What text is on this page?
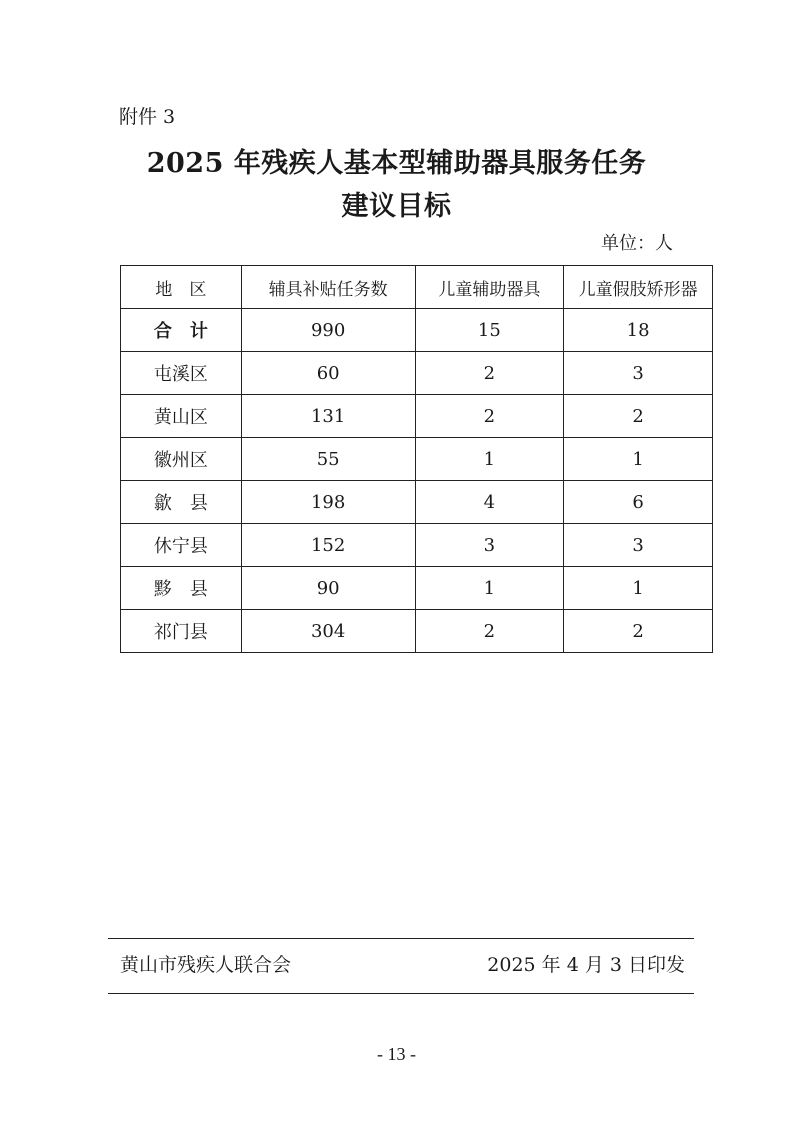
附件 3
2025 年残疾人基本型辅助器具服务任务
建议目标
单位：人
地　区	辅具补贴任务数	儿童辅助器具	儿童假肢矫形器
合　计	990	15	18
屯溪区	60	2	3
黄山区	131	2	2
徽州区	55	1	1
歙　县	198	4	6
休宁县	152	3	3
黟　县	90	1	1
祁门县	304	2	2
黄山市残疾人联合会	2025 年 4 月 3 日印发
- 13 -
